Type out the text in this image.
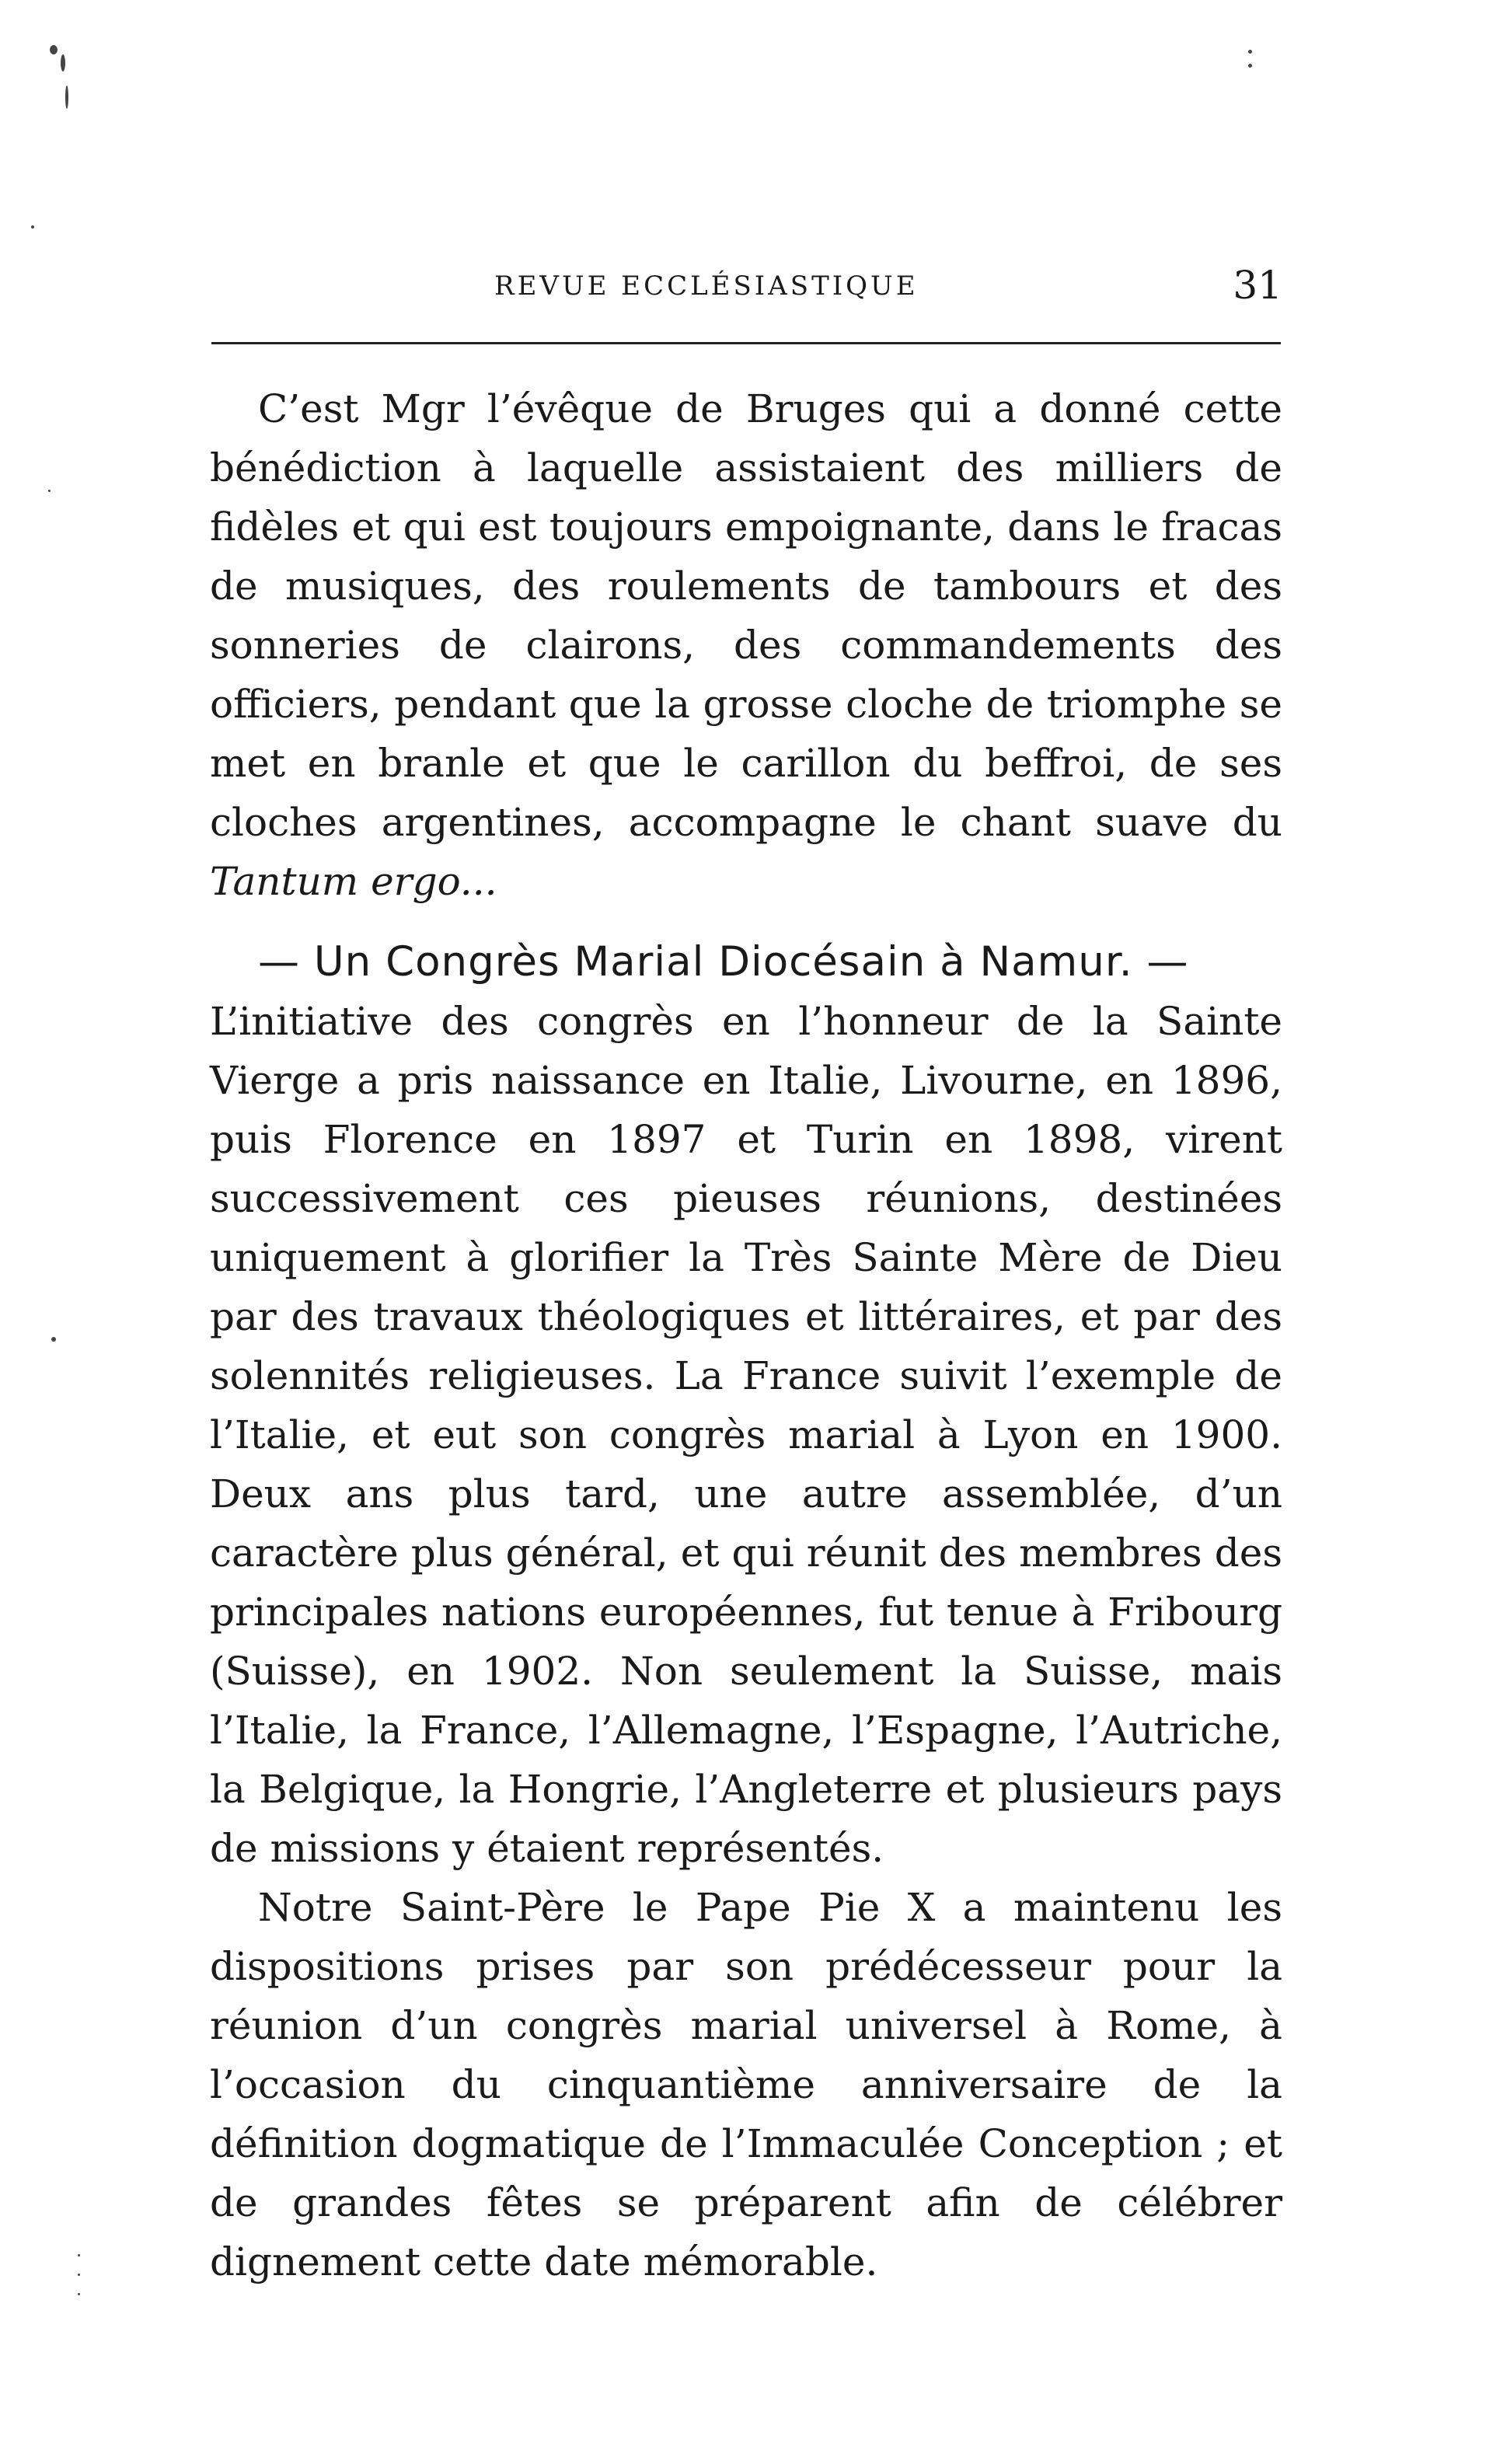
REVUE ECCLÉSIASTIQUE	31

C’est Mgr l’évêque de Bruges qui a donné cette bénédiction à laquelle assistaient des milliers de fidèles et qui est toujours empoignante, dans le fracas de musiques, des roulements de tambours et des sonneries de clairons, des commandements des officiers, pendant que la grosse cloche de triomphe se met en branle et que le carillon du beffroi, de ses cloches argentines, accompagne le chant suave du Tantum ergo...

— Un Congrès Marial Diocésain à Namur. —
L’initiative des congrès en l’honneur de la Sainte Vierge a pris naissance en Italie, Livourne, en 1896, puis Florence en 1897 et Turin en 1898, virent successivement ces pieuses réunions, destinées uniquement à glorifier la Très Sainte Mère de Dieu par des travaux théologiques et littéraires, et par des solennités religieuses. La France suivit l’exemple de l’Italie, et eut son congrès marial à Lyon en 1900. Deux ans plus tard, une autre assemblée, d’un caractère plus général, et qui réunit des membres des principales nations européennes, fut tenue à Fribourg (Suisse), en 1902. Non seulement la Suisse, mais l’Italie, la France, l’Allemagne, l’Espagne, l’Autriche, la Belgique, la Hongrie, l’Angleterre et plusieurs pays de missions y étaient représentés.

Notre Saint-Père le Pape Pie X a maintenu les dispositions prises par son prédécesseur pour la réunion d’un congrès marial universel à Rome, à l’occasion du cinquantième anniversaire de la définition dogmatique de l’Immaculée Conception ; et de grandes fêtes se préparent afin de célébrer dignement cette date mémorable.
